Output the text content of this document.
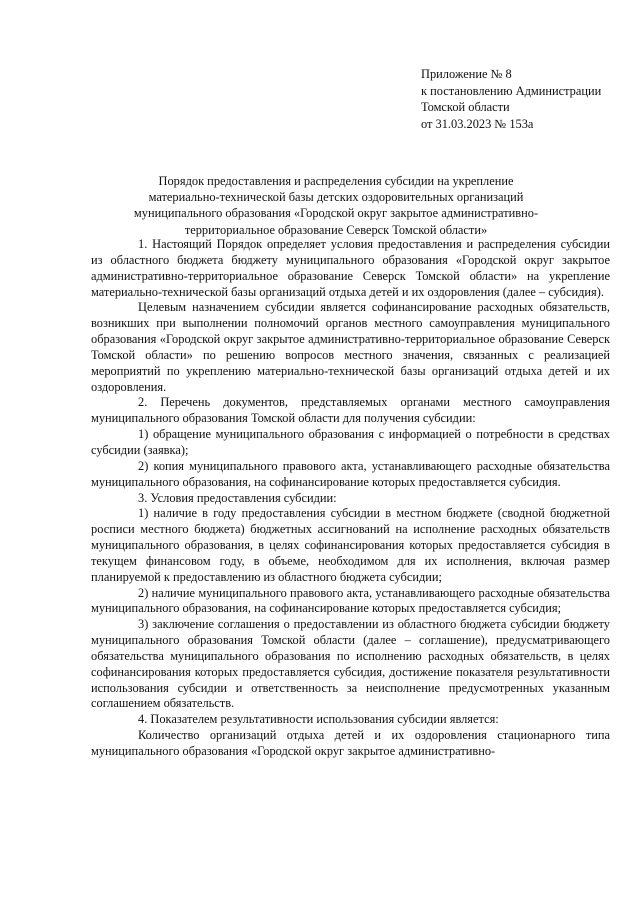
Приложение № 8
к постановлению Администрации
Томской области
от 31.03.2023 № 153а
Порядок предоставления и распределения субсидии на укрепление
материально-технической базы детских оздоровительных организаций
муниципального образования «Городской округ закрытое административно-
территориальное образование Северск Томской области»

1. Настоящий Порядок определяет условия предоставления и распределения субсидии из областного бюджета бюджету муниципального образования «Городской округ закрытое административно-территориальное образование Северск Томской области» на укрепление материально-технической базы организаций отдыха детей и их оздоровления (далее – субсидия).

Целевым назначением субсидии является софинансирование расходных обязательств, возникших при выполнении полномочий органов местного самоуправления муниципального образования «Городской округ закрытое административно-территориальное образование Северск Томской области» по решению вопросов местного значения, связанных с реализацией мероприятий по укреплению материально-технической базы организаций отдыха детей и их оздоровления.

2. Перечень документов, представляемых органами местного самоуправления муниципального образования Томской области для получения субсидии:

1) обращение муниципального образования с информацией о потребности в средствах субсидии (заявка);

2) копия муниципального правового акта, устанавливающего расходные обязательства муниципального образования, на софинансирование которых предоставляется субсидия.

3. Условия предоставления субсидии:

1) наличие в году предоставления субсидии в местном бюджете (сводной бюджетной росписи местного бюджета) бюджетных ассигнований на исполнение расходных обязательств муниципального образования, в целях софинансирования которых предоставляется субсидия в текущем финансовом году, в объеме, необходимом для их исполнения, включая размер планируемой к предоставлению из областного бюджета субсидии;

2) наличие муниципального правового акта, устанавливающего расходные обязательства муниципального образования, на софинансирование которых предоставляется субсидия;

3) заключение соглашения о предоставлении из областного бюджета субсидии бюджету муниципального образования Томской области (далее – соглашение), предусматривающего обязательства муниципального образования по исполнению расходных обязательств, в целях софинансирования которых предоставляется субсидия, достижение показателя результативности использования субсидии и ответственность за неисполнение предусмотренных указанным соглашением обязательств.

4. Показателем результативности использования субсидии является:

Количество организаций отдыха детей и их оздоровления стационарного типа муниципального образования «Городской округ закрытое административно-
